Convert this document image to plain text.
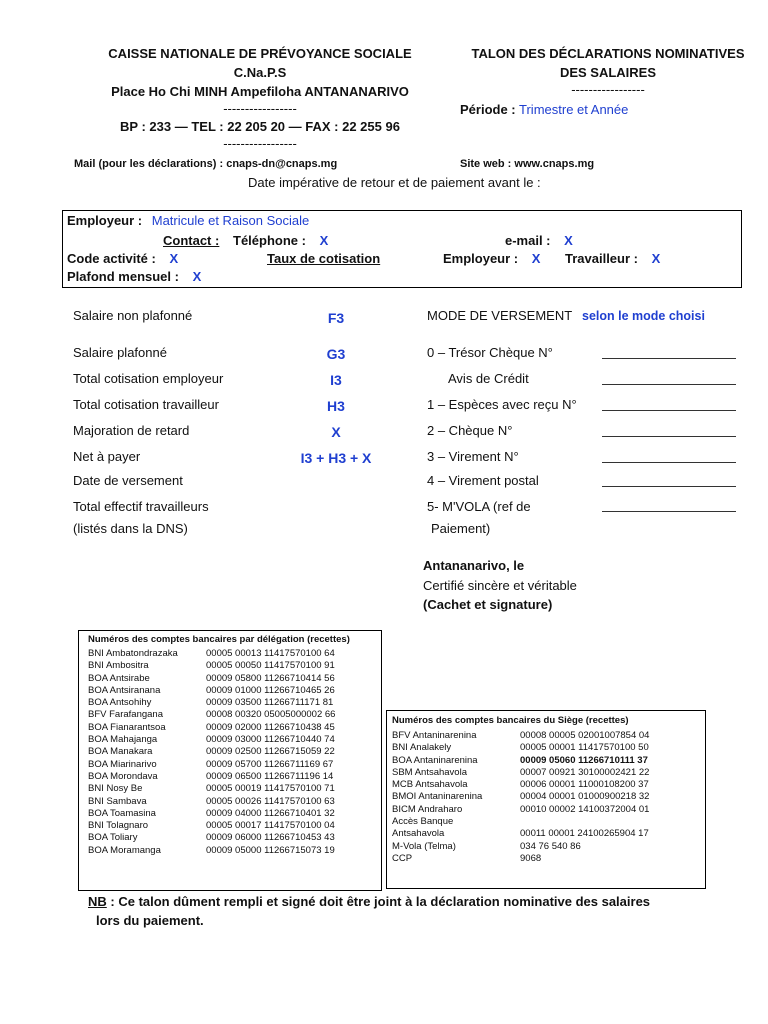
CAISSE NATIONALE DE PRÉVOYANCE SOCIALE
C.Na.P.S
Place Ho Chi MINH Ampefiloha ANTANANARIVO
-----------------
BP : 233 — TEL : 22 205 20 — FAX : 22 255 96
-----------------
Mail (pour les déclarations) : cnaps-dn@cnaps.mg
TALON DES DÉCLARATIONS NOMINATIVES
DES SALAIRES
-----------------
Période : Trimestre et Année
Site web : www.cnaps.mg
Date impérative de retour et de paiement avant le :
Employeur : Matricule et Raison Sociale
Contact : Téléphone : X	e-mail : X
Code activité : X	Taux de cotisation	Employeur : X Travailleur : X
Plafond mensuel : X
Salaire non plafonné	F3
Salaire plafonné	G3
Total cotisation employeur	I3
Total cotisation travailleur	H3
Majoration de retard	X
Net à payer	I3 + H3 + X
Date de versement
Total effectif travailleurs
(listés dans la DNS)
MODE DE VERSEMENT selon le mode choisi
0 – Trésor Chèque N°
Avis de Crédit
1 – Espèces avec reçu N°
2 – Chèque N°
3 – Virement N°
4 – Virement postal
5- M'VOLA (ref de
Paiement)
Antananarivo, le
Certifié sincère et véritable
(Cachet et signature)
Numéros des comptes bancaires par délégation (recettes)
BNI Ambatondrazaka	00005 00013 11417570100 64
BNI Ambositra	00005 00050 11417570100 91
BOA Antsirabe	00009 05800 11266710414 56
BOA Antsiranana	00009 01000 11266710465 26
BOA Antsohihy	00009 03500 11266711171 81
BFV Farafangana	00008 00320 05005000002 66
BOA Fianarantsoa	00009 02000 11266710438 45
BOA Mahajanga	00009 03000 11266710440 74
BOA Manakara	00009 02500 11266715059 22
BOA Miarinarivo	00009 05700 11266711169 67
BOA Morondava	00009 06500 11266711196 14
BNI Nosy Be	00005 00019 11417570100 71
BNI Sambava	00005 00026 11417570100 63
BOA Toamasina	00009 04000 11266710401 32
BNI Tolagnaro	00005 00017 11417570100 04
BOA Toliary	00009 06000 11266710453 43
BOA Moramanga	00009 05000 11266715073 19
Numéros des comptes bancaires du Siège (recettes)
BFV Antaninarenina	00008 00005 02001007854 04
BNI Analakely	00005 00001 11417570100 50
BOA Antaninarenina	00009 05060 11266710111 37
SBM Antsahavola	00007 00921 30100002421 22
MCB Antsahavola	00006 00001 11000108200 37
BMOI Antaninarenina	00004 00001 01000900218 32
BICM Andraharo	00010 00002 14100372004 01
Accès Banque
Antsahavola	00011 00001 24100265904 17
M-Vola (Telma)	034 76 540 86
CCP	9068
NB : Ce talon dûment rempli et signé doit être joint à la déclaration nominative des salaires
lors du paiement.
